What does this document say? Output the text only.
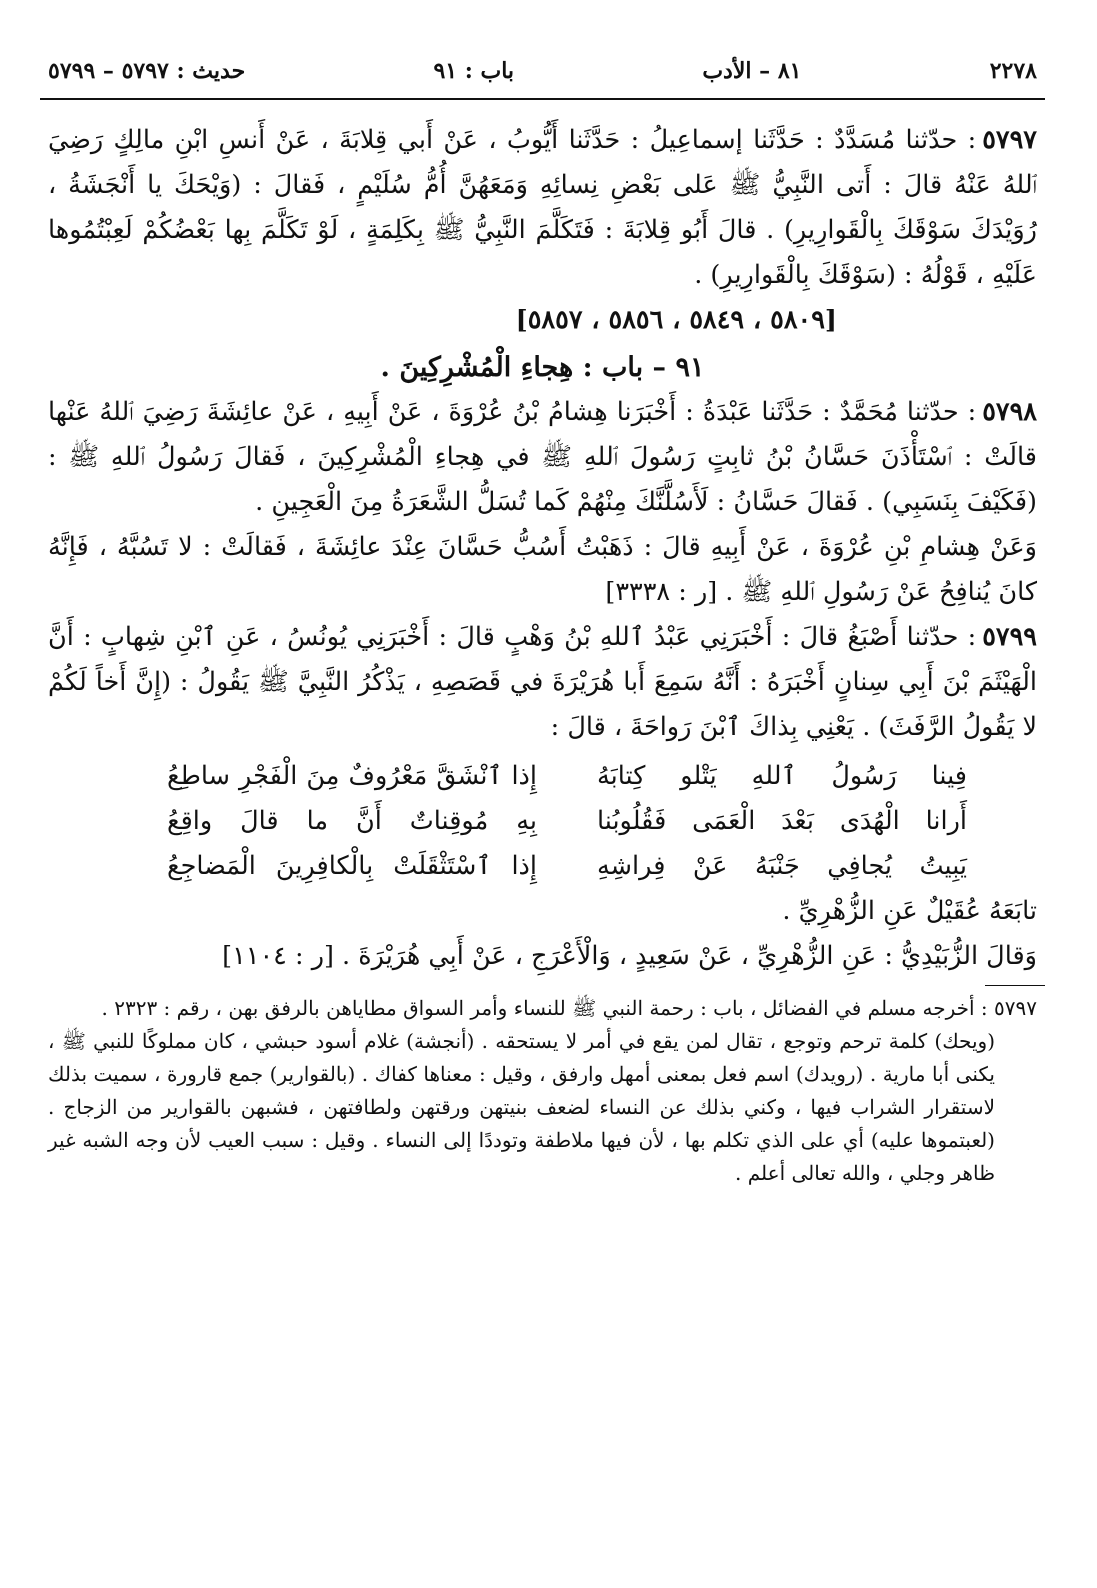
٢٢٧٨
٨١ – الأدب
باب : ٩١
حديث : ٥٧٩٧ – ٥٧٩٩

٥٧٩٧: حدّثنا مُسَدَّدٌ : حَدَّثَنا إسماعِيلُ : حَدَّثَنا أَيُّوبُ ، عَنْ أَبي قِلابَةَ ، عَنْ أَنسِ ابْنِ مالِكٍ رَضِيَ ٱللهُ عَنْهُ قالَ : أَتى النَّبِيُّ ﷺ عَلى بَعْضِ نِسائِهِ وَمَعَهُنَّ أُمُّ سُلَيْمٍ ، فَقالَ : (وَيْحَكَ يا أَنْجَشَةُ ، رُوَيْدَكَ سَوْقَكَ بِالْقَوارِيرِ) . قالَ أَبُو قِلابَةَ : فَتَكَلَّمَ النَّبِيُّ ﷺ بِكَلِمَةٍ ، لَوْ تَكَلَّمَ بِها بَعْضُكُمْ لَعِبْتُمُوها عَلَيْهِ ، قَوْلُهُ : (سَوْقَكَ بِالْقَوارِيرِ) .

[٥٨٠٩ ، ٥٨٤٩ ، ٥٨٥٦ ، ٥٨٥٧]
٩١ – باب : هِجاءِ الْمُشْرِكِينَ .

٥٧٩٨: حدّثنا مُحَمَّدٌ : حَدَّثَنا عَبْدَةُ : أَخْبَرَنا هِشامُ بْنُ عُرْوَةَ ، عَنْ أَبِيهِ ، عَنْ عائِشَةَ رَضِيَ ٱللهُ عَنْها قالَتْ : ٱسْتَأْذَنَ حَسَّانُ بْنُ ثابِتٍ رَسُولَ ٱللهِ ﷺ في هِجاءِ الْمُشْرِكِينَ ، فَقالَ رَسُولُ ٱللهِ ﷺ : (فَكَيْفَ بِنَسَبِي) . فَقالَ حَسَّانُ : لَأَسُلَّنَّكَ مِنْهُمْ كَما تُسَلُّ الشَّعَرَةُ مِنَ الْعَجِينِ .

وَعَنْ هِشامِ بْنِ عُرْوَةَ ، عَنْ أَبِيهِ قالَ : ذَهَبْتُ أَسُبُّ حَسَّانَ عِنْدَ عائِشَةَ ، فَقالَتْ : لا تَسُبَّهُ ، فَإِنَّهُ كانَ يُنافِحُ عَنْ رَسُولِ ٱللهِ ﷺ . [ر : ٣٣٣٨]

٥٧٩٩: حدّثنا أَصْبَغُ قالَ : أَخْبَرَنِي عَبْدُ ٱللهِ بْنُ وَهْبٍ قالَ : أَخْبَرَنِي يُونُسُ ، عَنِ ٱبْنِ شِهابٍ : أَنَّ الْهَيْثَمَ بْنَ أَبِي سِنانٍ أَخْبَرَهُ : أَنَّهُ سَمِعَ أَبا هُرَيْرَةَ في قَصَصِهِ ، يَذْكُرُ النَّبِيَّ ﷺ يَقُولُ : (إِنَّ أَخاً لَكُمْ لا يَقُولُ الرَّفَثَ) . يَعْنِي بِذاكَ ٱبْنَ رَواحَةَ ، قالَ :

فِينا رَسُولُ ٱللهِ يَتْلو كِتابَهُ
إِذا ٱنْشَقَّ مَعْرُوفٌ مِنَ الْفَجْرِ ساطِعُ
أَرانا الْهُدَى بَعْدَ الْعَمَى فَقُلُوبُنا
بِهِ مُوقِناتٌ أَنَّ ما قالَ واقِعُ
يَبِيتُ يُجافِي جَنْبَهُ عَنْ فِراشِهِ
إِذا ٱسْتَثْقَلَتْ بِالْكافِرِينَ الْمَضاجِعُ

تابَعَهُ عُقَيْلٌ عَنِ الزُّهْرِيِّ .

وَقالَ الزُّبَيْدِيُّ : عَنِ الزُّهْرِيِّ ، عَنْ سَعِيدٍ ، وَالْأَعْرَجِ ، عَنْ أَبِي هُرَيْرَةَ . [ر : ١١٠٤]

٥٧٩٧ : أخرجه مسلم في الفضائل ، باب : رحمة النبي ﷺ للنساء وأمر السواق مطاياهن بالرفق بهن ، رقم : ٢٣٢٣ .

(ويحك) كلمة ترحم وتوجع ، تقال لمن يقع في أمر لا يستحقه . (أنجشة) غلام أسود حبشي ، كان مملوكًا للنبي ﷺ ، يكنى أبا مارية . (رويدك) اسم فعل بمعنى أمهل وارفق ، وقيل : معناها كفاك . (بالقوارير) جمع قارورة ، سميت بذلك لاستقرار الشراب فيها ، وكني بذلك عن النساء لضعف بنيتهن ورقتهن ولطافتهن ، فشبهن بالقوارير من الزجاج . (لعبتموها عليه) أي على الذي تكلم بها ، لأن فيها ملاطفة وتوددًا إلى النساء . وقيل : سبب العيب لأن وجه الشبه غير ظاهر وجلي ، والله تعالى أعلم .
